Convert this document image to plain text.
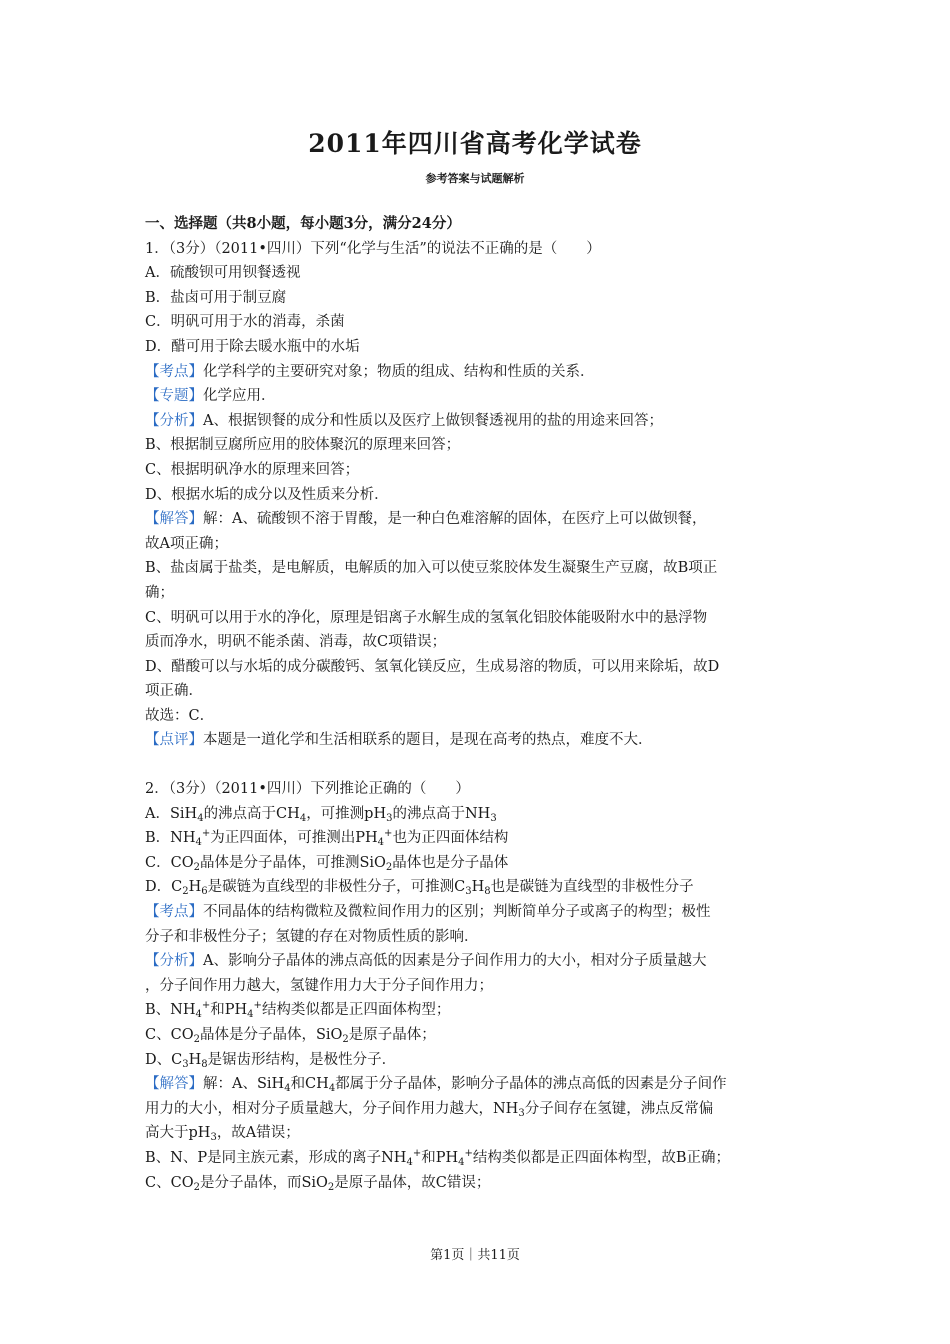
2011年四川省高考化学试卷
参考答案与试题解析

一、选择题（共8小题，每小题3分，满分24分）

1．（3分）（2011•四川）下列“化学与生活”的说法不正确的是（　　）

A．硫酸钡可用钡餐透视

B．盐卤可用于制豆腐

C．明矾可用于水的消毒，杀菌

D．醋可用于除去暖水瓶中的水垢

【考点】化学科学的主要研究对象；物质的组成、结构和性质的关系．

【专题】化学应用．

【分析】A、根据钡餐的成分和性质以及医疗上做钡餐透视用的盐的用途来回答；

B、根据制豆腐所应用的胶体聚沉的原理来回答；

C、根据明矾净水的原理来回答；

D、根据水垢的成分以及性质来分析．

【解答】解：A、硫酸钡不溶于胃酸，是一种白色难溶解的固体，在医疗上可以做钡餐，

故A项正确；

B、盐卤属于盐类，是电解质，电解质的加入可以使豆浆胶体发生凝聚生产豆腐，故B项正

确；

C、明矾可以用于水的净化，原理是铝离子水解生成的氢氧化铝胶体能吸附水中的悬浮物

质而净水，明矾不能杀菌、消毒，故C项错误；

D、醋酸可以与水垢的成分碳酸钙、氢氧化镁反应，生成易溶的物质，可以用来除垢，故D

项正确．

故选：C．

【点评】本题是一道化学和生活相联系的题目，是现在高考的热点，难度不大．

2．（3分）（2011•四川）下列推论正确的（　　）

A．SiH$_4$的沸点高于$CH_4$，可推测$pH_3$的沸点高于$NH_3$

B．$NH_4^+$为正四面体，可推测出$PH_4^+$也为正四面体结构

C．$CO_2$晶体是分子晶体，可推测SiO$_2$晶体也是分子晶体

D．$C_2H_6$是碳链为直线型的非极性分子，可推测$C_3H_8$也是碳链为直线型的非极性分子

【考点】不同晶体的结构微粒及微粒间作用力的区别；判断简单分子或离子的构型；极性

分子和非极性分子；氢键的存在对物质性质的影响．

【分析】A、影响分子晶体的沸点高低的因素是分子间作用力的大小，相对分子质量越大

，分子间作用力越大，氢键作用力大于分子间作用力；

B、$NH_4^+$和$PH_4^+$结构类似都是正四面体构型；

C、$CO_2$晶体是分子晶体，SiO$_2$是原子晶体；

D、$C_3H_8$是锯齿形结构，是极性分子．

【解答】解：A、SiH$_4$和$CH_4$都属于分子晶体，影响分子晶体的沸点高低的因素是分子间作

用力的大小，相对分子质量越大，分子间作用力越大，$NH_3$分子间存在氢键，沸点反常偏

高大于$pH_3$，故A错误；

B、N、P是同主族元素，形成的离子$NH_4^+$和$PH_4^+$结构类似都是正四面体构型，故B正确；

C、$CO_2$是分子晶体，而SiO$_2$是原子晶体，故C错误；

第1页｜共11页
